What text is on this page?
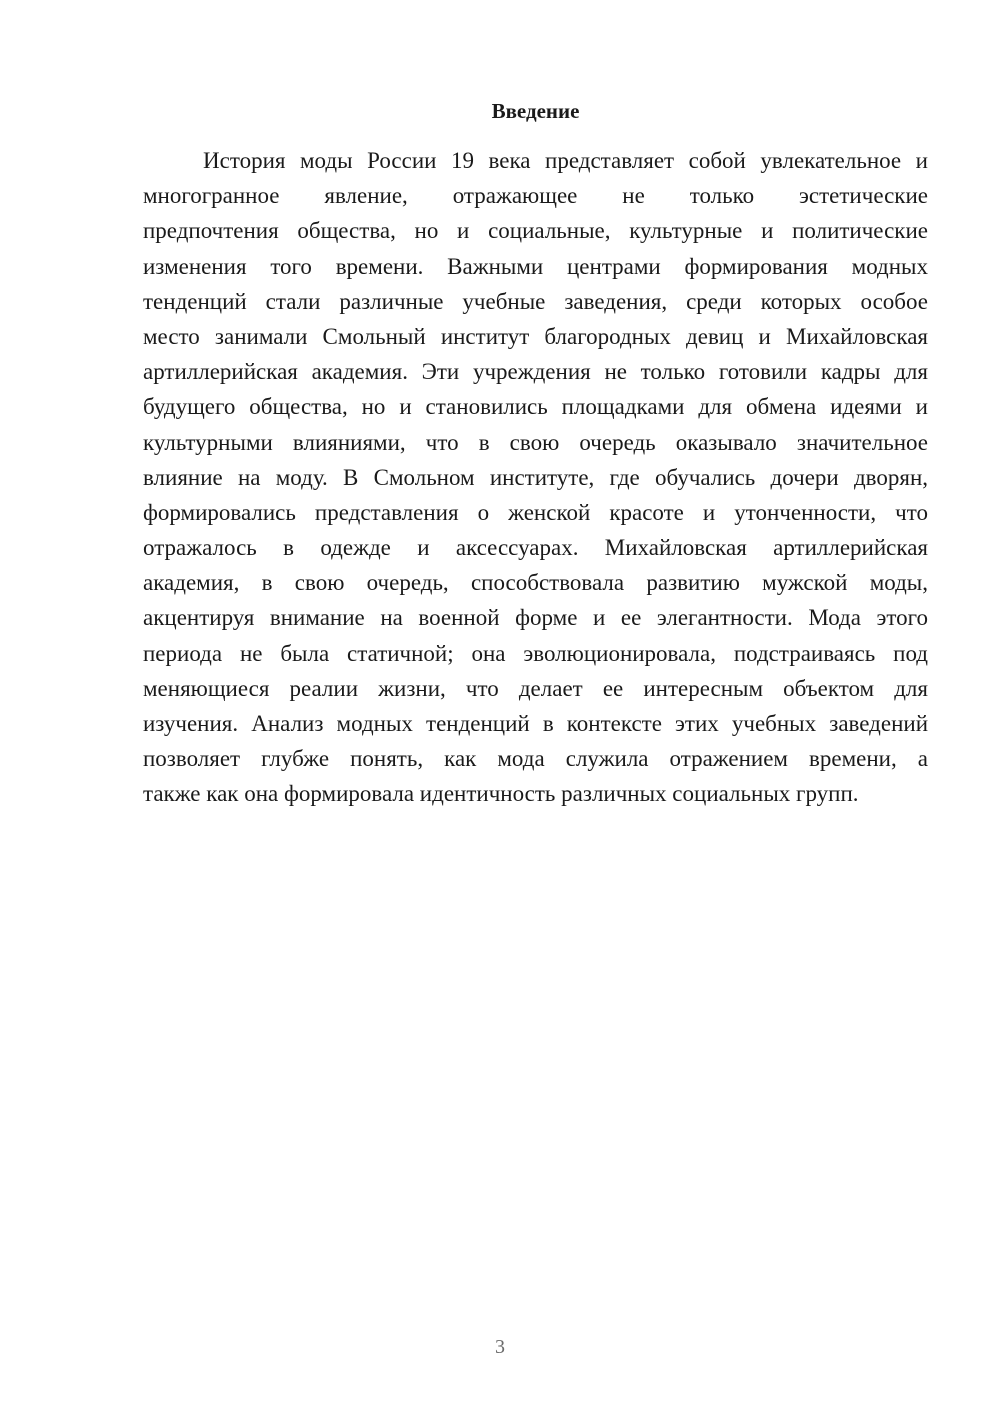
Введение
История моды России 19 века представляет собой увлекательное и
многогранное явление, отражающее не только эстетические
предпочтения общества, но и социальные, культурные и политические
изменения того времени. Важными центрами формирования модных
тенденций стали различные учебные заведения, среди которых особое
место занимали Смольный институт благородных девиц и Михайловская
артиллерийская академия. Эти учреждения не только готовили кадры для
будущего общества, но и становились площадками для обмена идеями и
культурными влияниями, что в свою очередь оказывало значительное
влияние на моду. В Смольном институте, где обучались дочери дворян,
формировались представления о женской красоте и утонченности, что
отражалось в одежде и аксессуарах. Михайловская артиллерийская
академия, в свою очередь, способствовала развитию мужской моды,
акцентируя внимание на военной форме и ее элегантности. Мода этого
периода не была статичной; она эволюционировала, подстраиваясь под
меняющиеся реалии жизни, что делает ее интересным объектом для
изучения. Анализ модных тенденций в контексте этих учебных заведений
позволяет глубже понять, как мода служила отражением времени, а
также как она формировала идентичность различных социальных групп.
3
